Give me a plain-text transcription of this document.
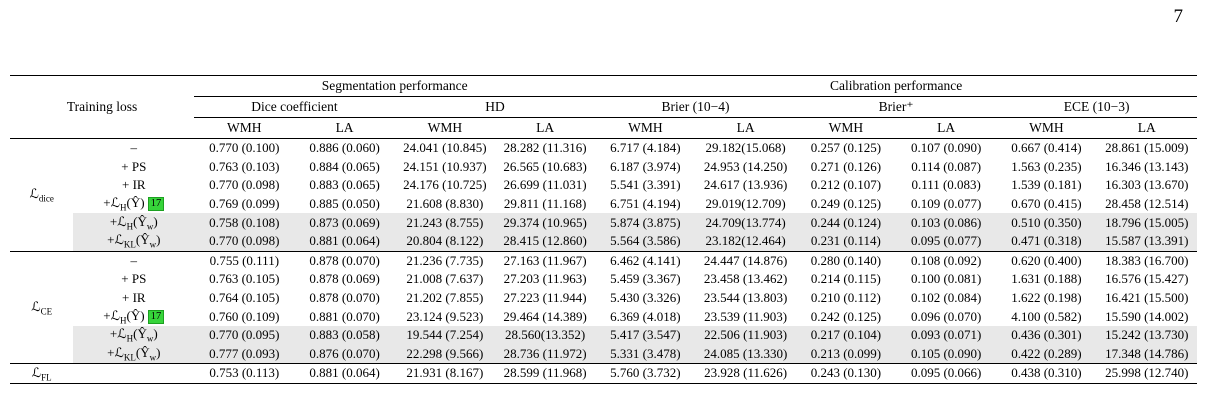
7
		Segmentation performance				Calibration performance					
Training loss		Dice coefficient		HD		Brier (10−4)		Brier⁺		ECE (10−3)	
		WMH	LA	WMH	LA	WMH	LA	WMH	LA	WMH	LA
ℒ$_{dice}$	–	0.770 (0.100)	0.886 (0.060)	24.041 (10.845)	28.282 (11.316)	6.717 (4.184)	29.182(15.068)	0.257 (0.125)	0.107 (0.090)	0.667 (0.414)	28.861 (15.009)
	+ PS	0.763 (0.103)	0.884 (0.065)	24.151 (10.937)	26.565 (10.683)	6.187 (3.974)	24.953 (14.250)	0.271 (0.126)	0.114 (0.087)	1.563 (0.235)	16.346 (13.143)
	+ IR	0.770 (0.098)	0.883 (0.065)	24.176 (10.725)	26.699 (11.031)	5.541 (3.391)	24.617 (13.936)	0.212 (0.107)	0.111 (0.083)	1.539 (0.181)	16.303 (13.670)
	+ℒ$_H$(Ŷ) 17	0.769 (0.099)	0.885 (0.050)	21.608 (8.830)	29.811 (11.168)	6.751 (4.194)	29.019(12.709)	0.249 (0.125)	0.109 (0.077)	0.670 (0.415)	28.458 (12.514)
	$+ℒ_H(Ŷ_w)$	0.758 (0.108)	0.873 (0.069)	21.243 (8.755)	29.374 (10.965)	5.874 (3.875)	24.709(13.774)	0.244 (0.124)	0.103 (0.086)	0.510 (0.350)	18.796 (15.005)
	$+ℒ_{KL}(Ŷ_w)$	0.770 (0.098)	0.881 (0.064)	20.804 (8.122)	28.415 (12.860)	5.564 (3.586)	23.182(12.464)	0.231 (0.114)	0.095 (0.077)	0.471 (0.318)	15.587 (13.391)
ℒ$_{CE}$	–	0.755 (0.111)	0.878 (0.070)	21.236 (7.735)	27.163 (11.967)	6.462 (4.141)	24.447 (14.876)	0.280 (0.140)	0.108 (0.092)	0.620 (0.400)	18.383 (16.700)
	+ PS	0.763 (0.105)	0.878 (0.069)	21.008 (7.637)	27.203 (11.963)	5.459 (3.367)	23.458 (13.462)	0.214 (0.115)	0.100 (0.081)	1.631 (0.188)	16.576 (15.427)
	+ IR	0.764 (0.105)	0.878 (0.070)	21.202 (7.855)	27.223 (11.944)	5.430 (3.326)	23.544 (13.803)	0.210 (0.112)	0.102 (0.084)	1.622 (0.198)	16.421 (15.500)
	+ℒ$_H$(Ŷ) 17	0.760 (0.109)	0.881 (0.070)	23.124 (9.523)	29.464 (14.389)	6.369 (4.018)	23.539 (11.903)	0.242 (0.125)	0.096 (0.070)	4.100 (0.582)	15.590 (14.002)
	$+ℒ_H(Ŷ_w)$	0.770 (0.095)	0.883 (0.058)	19.544 (7.254)	28.560(13.352)	5.417 (3.547)	22.506 (11.903)	0.217 (0.104)	0.093 (0.071)	0.436 (0.301)	15.242 (13.730)
	$+ℒ_{KL}(Ŷ_w)$	0.777 (0.093)	0.876 (0.070)	22.298 (9.566)	28.736 (11.972)	5.331 (3.478)	24.085 (13.330)	0.213 (0.099)	0.105 (0.090)	0.422 (0.289)	17.348 (14.786)
ℒ$_{FL}$		0.753 (0.113)	0.881 (0.064)	21.931 (8.167)	28.599 (11.968)	5.760 (3.732)	23.928 (11.626)	0.243 (0.130)	0.095 (0.066)	0.438 (0.310)	25.998 (12.740)
